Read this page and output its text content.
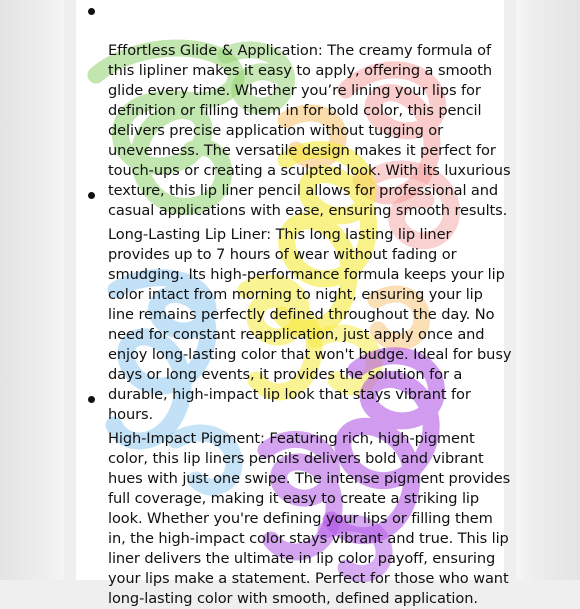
Effortless Glide & Application: The creamy formula of
this lipliner makes it easy to apply, offering a smooth
glide every time. Whether you’re lining your lips for
definition or filling them in for bold color, this pencil
delivers precise application without tugging or
unevenness. The versatile design makes it perfect for
touch-ups or creating a sculpted look. With its luxurious
texture, this lip liner pencil allows for professional and
casual applications with ease, ensuring smooth results.

Long-Lasting Lip Liner: This long lasting lip liner
provides up to 7 hours of wear without fading or
smudging. Its high-performance formula keeps your lip
color intact from morning to night, ensuring your lip
line remains perfectly defined throughout the day. No
need for constant reapplication, just apply once and
enjoy long-lasting color that won't budge. Ideal for busy
days or long events, it provides the solution for a
durable, high-impact lip look that stays vibrant for
hours.

High-Impact Pigment: Featuring rich, high-pigment
color, this lip liners pencils delivers bold and vibrant
hues with just one swipe. The intense pigment provides
full coverage, making it easy to create a striking lip
look. Whether you're defining your lips or filling them
in, the high-impact color stays vibrant and true. This lip
liner delivers the ultimate in lip color payoff, ensuring
your lips make a statement. Perfect for those who want
long-lasting color with smooth, defined application.
